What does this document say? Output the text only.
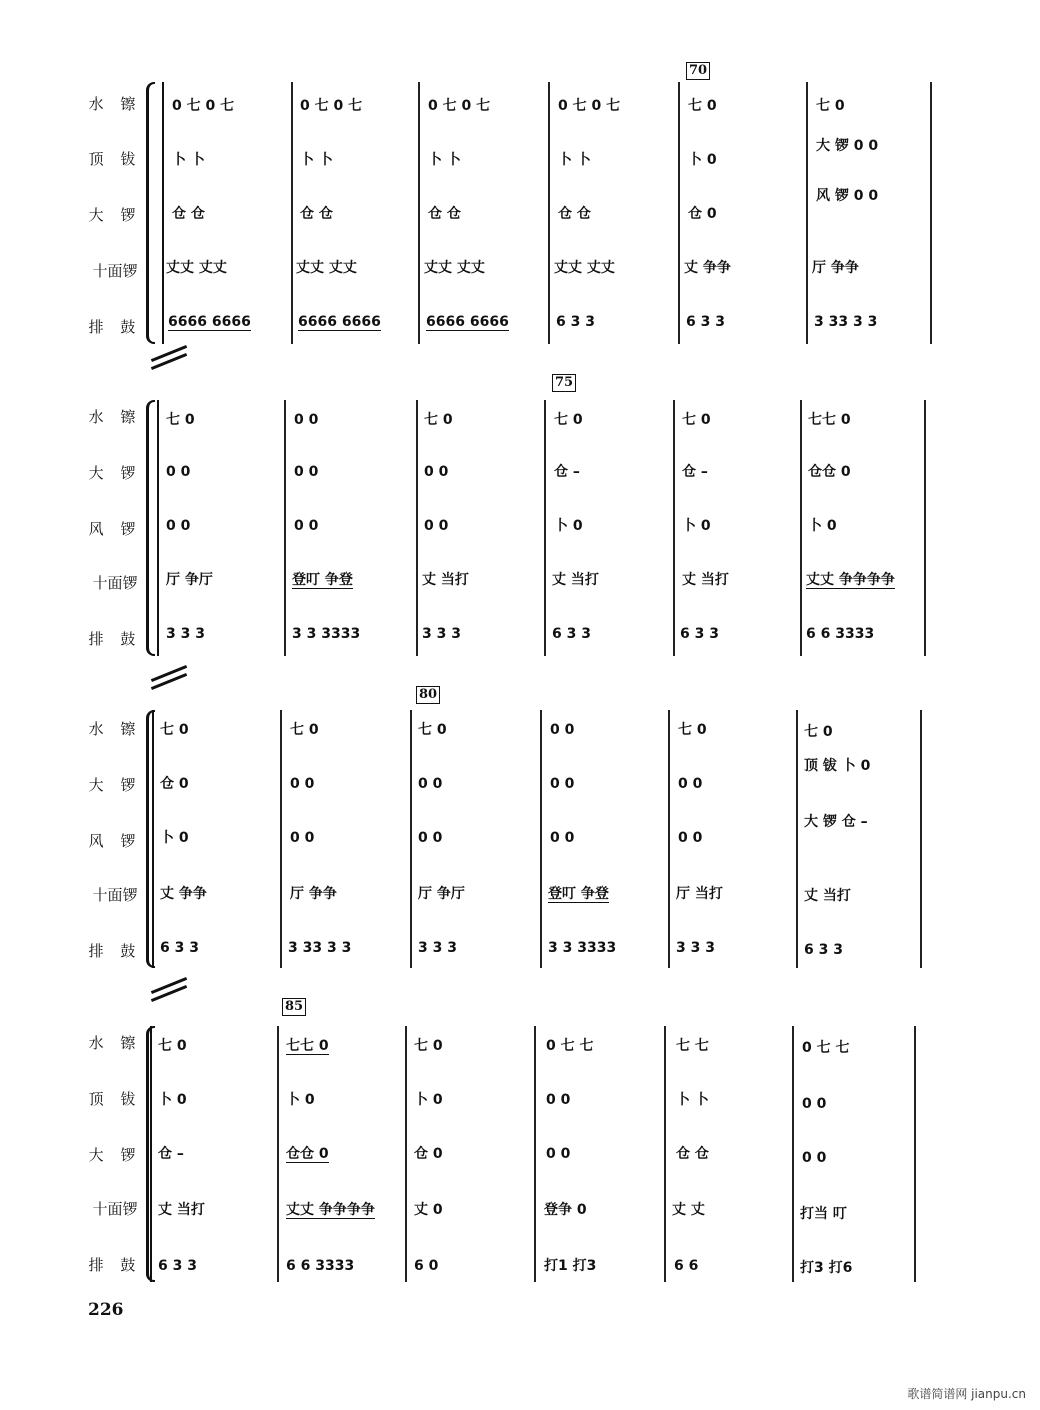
70
水 镲
顶 钹
大 锣
十面锣
排 鼓
0 七 0 七
卜 卜
仓 仓
丈丈 丈丈
6666 6666
0 七 0 七
卜 卜
仓 仓
丈丈 丈丈
6666 6666
0 七 0 七
卜 卜
仓 仓
丈丈 丈丈
6666 6666
0 七 0 七
卜 卜
仓 仓
丈丈 丈丈
6 3 3
七 0
卜 0
仓 0
丈 争争
6 3 3
七 0
大 锣 0 0
风 锣 0 0
厅 争争
3 33 3 3
75
水 镲
大 锣
风 锣
十面锣
排 鼓
七 0
0 0
0 0
厅 争厅
3 3 3
0 0
0 0
0 0
登叮 争登
3 3 3333
七 0
0 0
0 0
丈 当打
3 3 3
七 0
仓 –
卜 0
丈 当打
6 3 3
七 0
仓 –
卜 0
丈 当打
6 3 3
七七 0
仓仓 0
卜 0
丈丈 争争争争
6 6 3333
80
水 镲
大 锣
风 锣
十面锣
排 鼓
七 0
仓 0
卜 0
丈 争争
6 3 3
七 0
0 0
0 0
厅 争争
3 33 3 3
七 0
0 0
0 0
厅 争厅
3 3 3
0 0
0 0
0 0
登叮 争登
3 3 3333
七 0
0 0
0 0
厅 当打
3 3 3
七 0
顶 钹 卜 0
大 锣 仓 –
丈 当打
6 3 3
85
水 镲
顶 钹
大 锣
十面锣
排 鼓
七 0
卜 0
仓 –
丈 当打
6 3 3
七七 0
卜 0
仓仓 0
丈丈 争争争争
6 6 3333
七 0
卜 0
仓 0
丈 0
6 0
0 七 七
0 0
0 0
登争 0
打1 打3
七 七
卜 卜
仓 仓
丈 丈
6 6
0 七 七
0 0
0 0
打当 叮
打3 打6
226
歌谱简谱网 jianpu.cn
